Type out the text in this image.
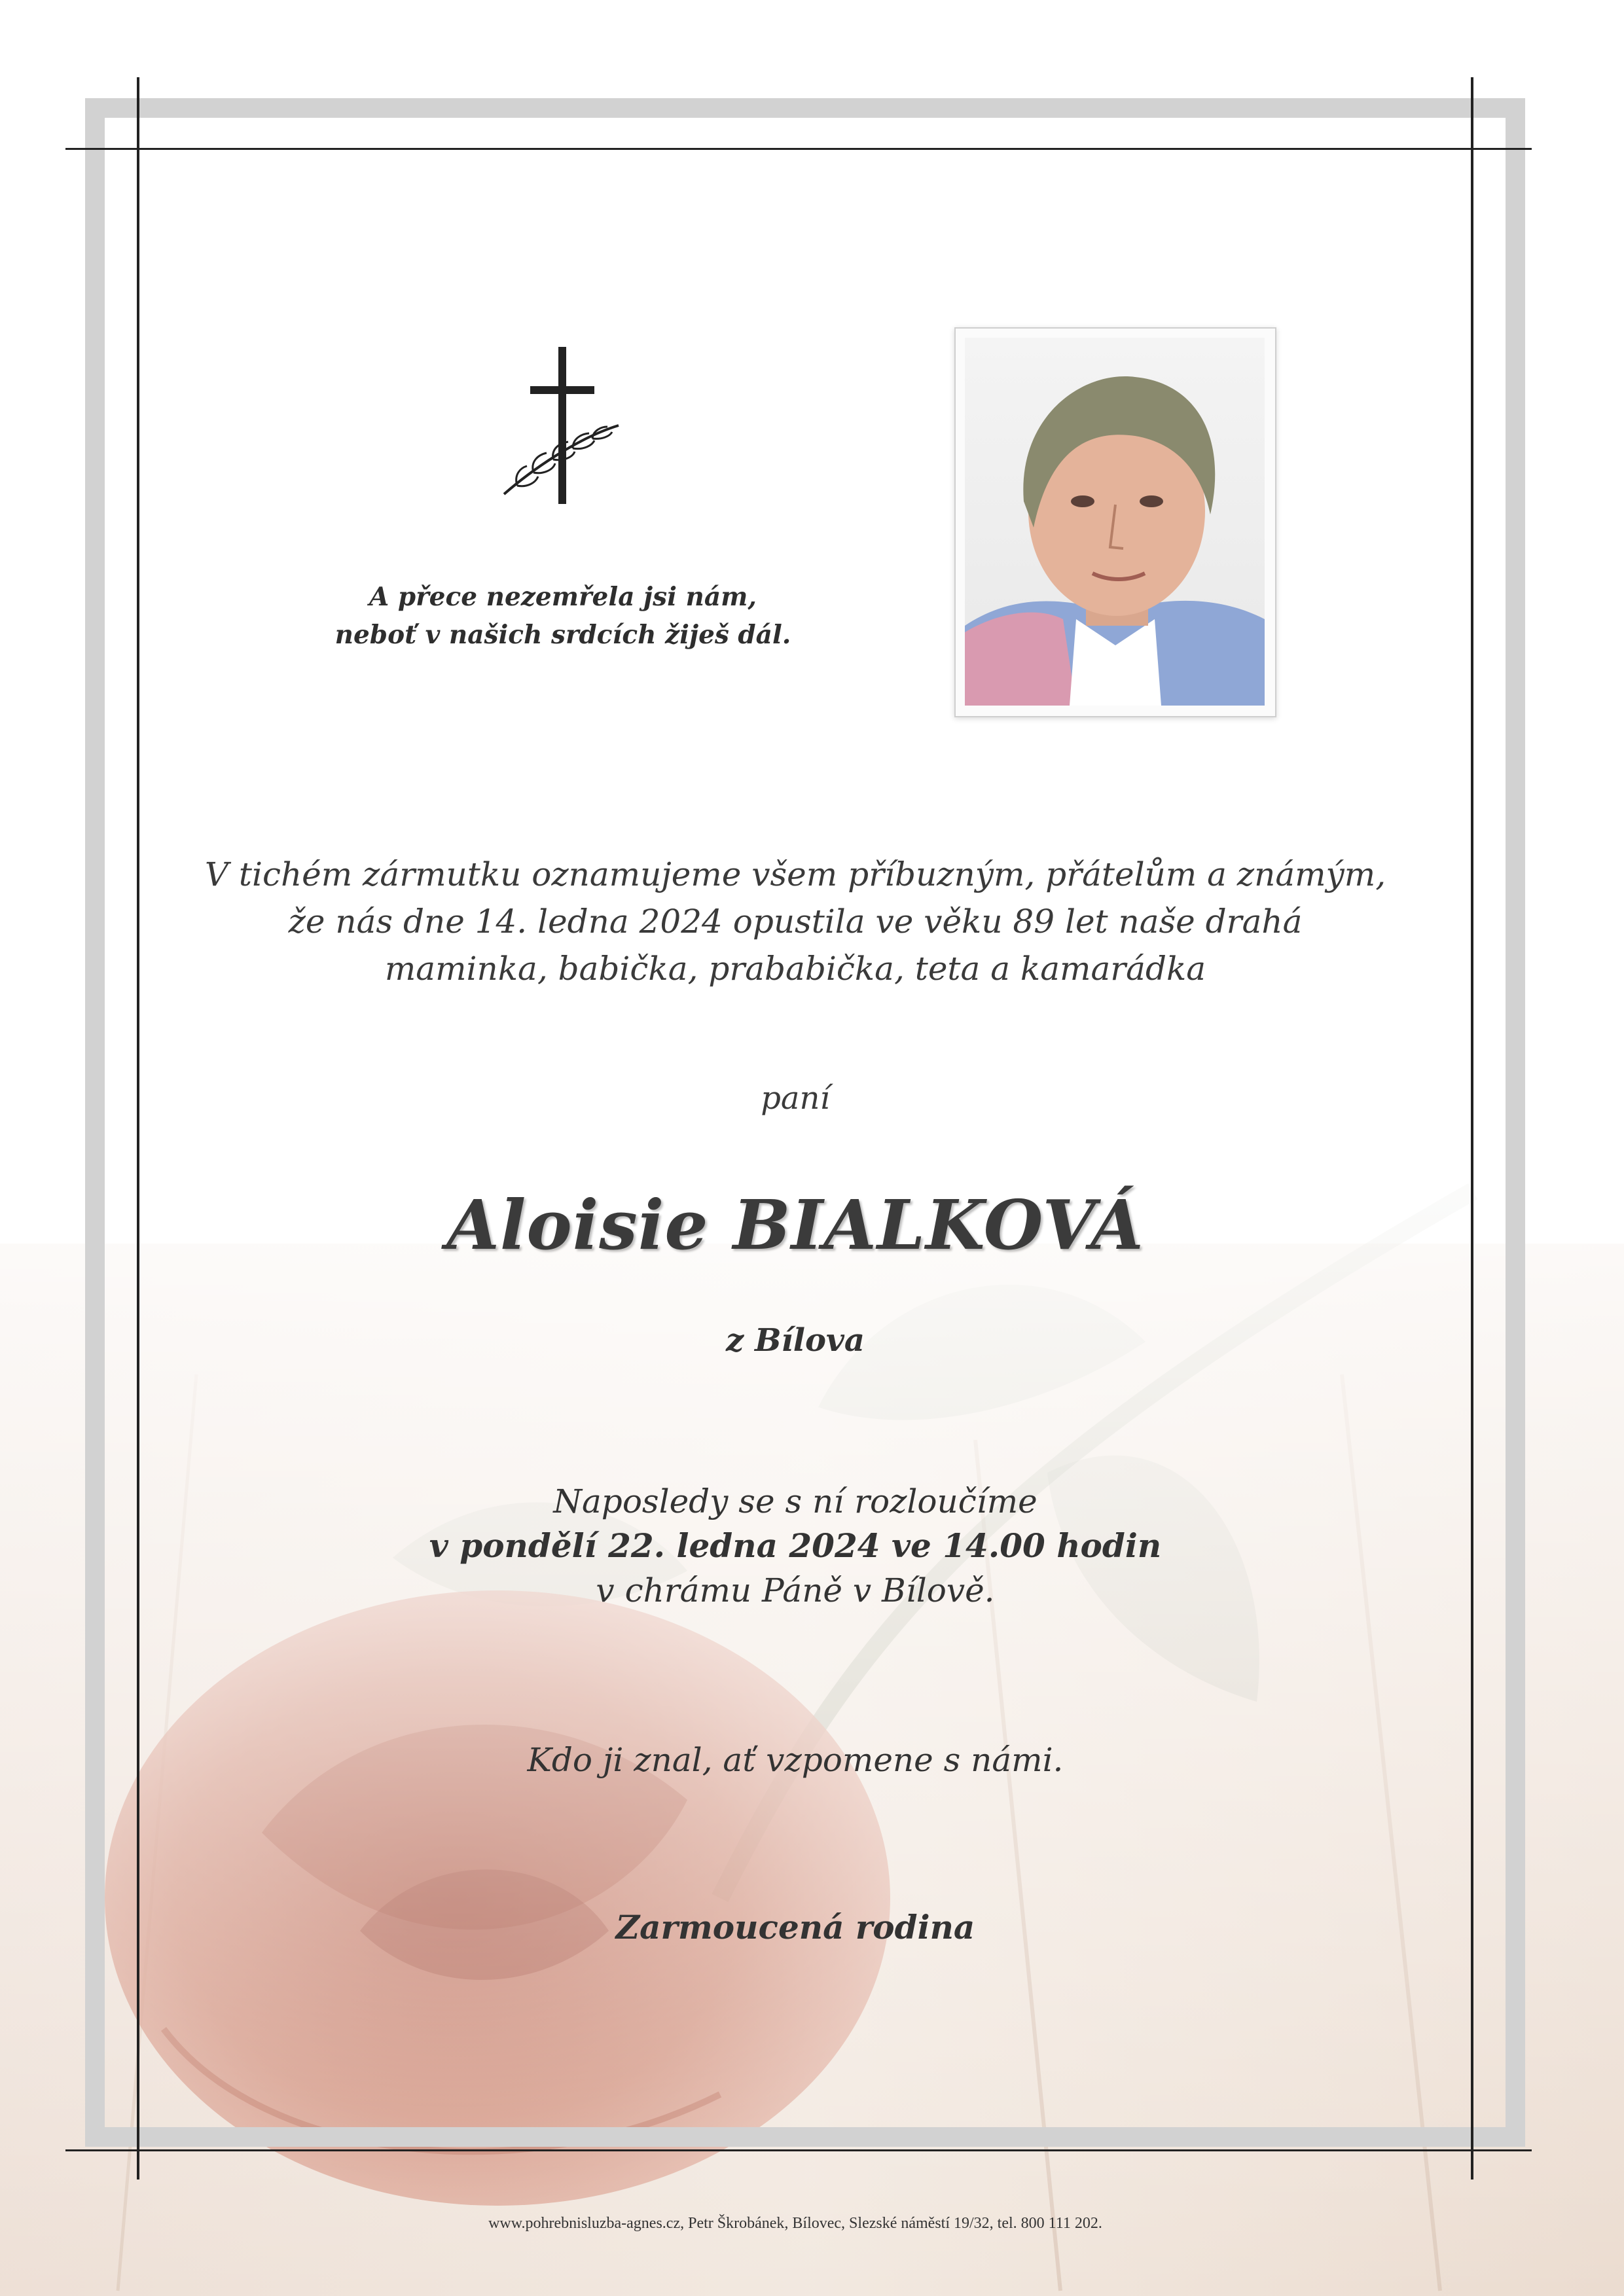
A přece nezemřela jsi nám,
neboť v našich srdcích žiješ dál.
V tichém zármutku oznamujeme všem příbuzným, přátelům a známým,
že nás dne 14. ledna 2024 opustila ve věku 89 let naše drahá
maminka, babička, prababička, teta a kamarádka
paní
Aloisie BIALKOVÁ
z Bílova
Naposledy se s ní rozloučíme
v pondělí 22. ledna 2024 ve 14.00 hodin
v chrámu Páně v Bílově.
Kdo ji znal, ať vzpomene s námi.
Zarmoucená rodina
www.pohrebnisluzba-agnes.cz, Petr Škrobánek, Bílovec, Slezské náměstí 19/32, tel. 800 111 202.
